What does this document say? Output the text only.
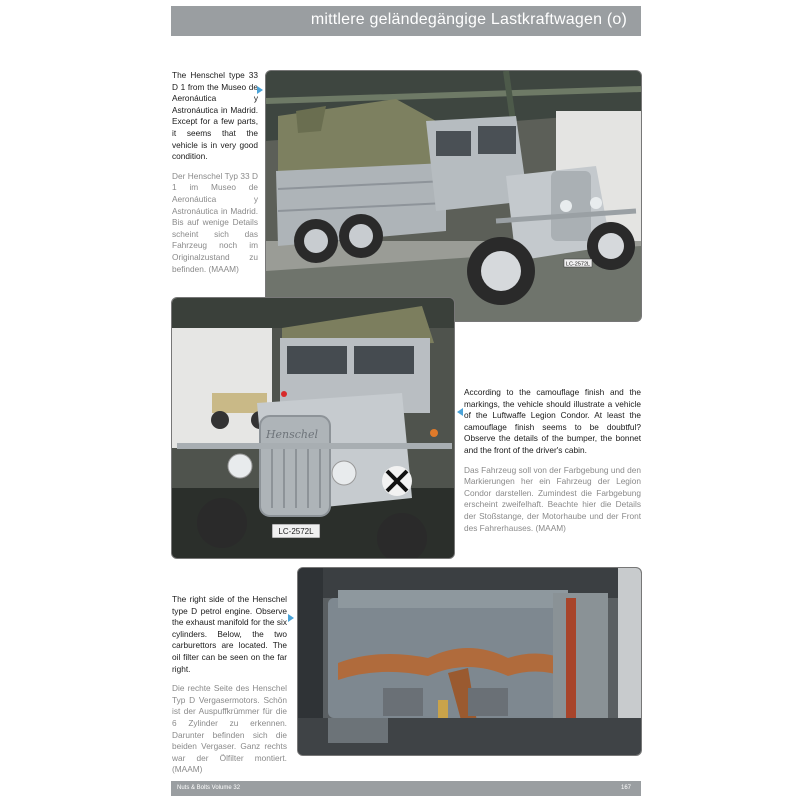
mittlere geländegängige Lastkraftwagen (o)

The Henschel type 33 D 1 from the Museo de Aeronáutica y Astronáutica in Madrid. Except for a few parts, it seems that the vehicle is in very good condition.

Der Henschel Typ 33 D 1 im Museo de Aeronáutica y Astronáutica in Madrid. Bis auf wenige Details scheint sich das Fahrzeug noch im Originalzustand zu befinden. (MAAM)	LC-2572L
Henschel
LC-2572L

According to the camouflage finish and the markings, the vehicle should illustrate a vehicle of the Luftwaffe Legion Condor. At least the camouflage finish seems to be doubtful? Observe the details of the bumper, the bonnet and the front of the driver's cabin.

Das Fahrzeug soll von der Farbgebung und den Markierungen her ein Fahrzeug der Legion Condor darstellen. Zumindest die Farbgebung erscheint zweifelhaft. Beachte hier die Details der Stoßstange, der Motorhaube und der Front des Fahrerhauses. (MAAM)

The right side of the Henschel type D petrol engine. Observe the exhaust manifold for the six cylinders. Below, the two carburettors are located. The oil filter can be seen on the far right.

Die rechte Seite des Henschel Typ D Vergasermotors. Schön ist der Auspuffkrümmer für die 6 Zylinder zu erkennen. Darunter befinden sich die beiden Vergaser. Ganz rechts war der Ölfilter montiert. (MAAM)

Nuts & Bolts Volume 32	167
